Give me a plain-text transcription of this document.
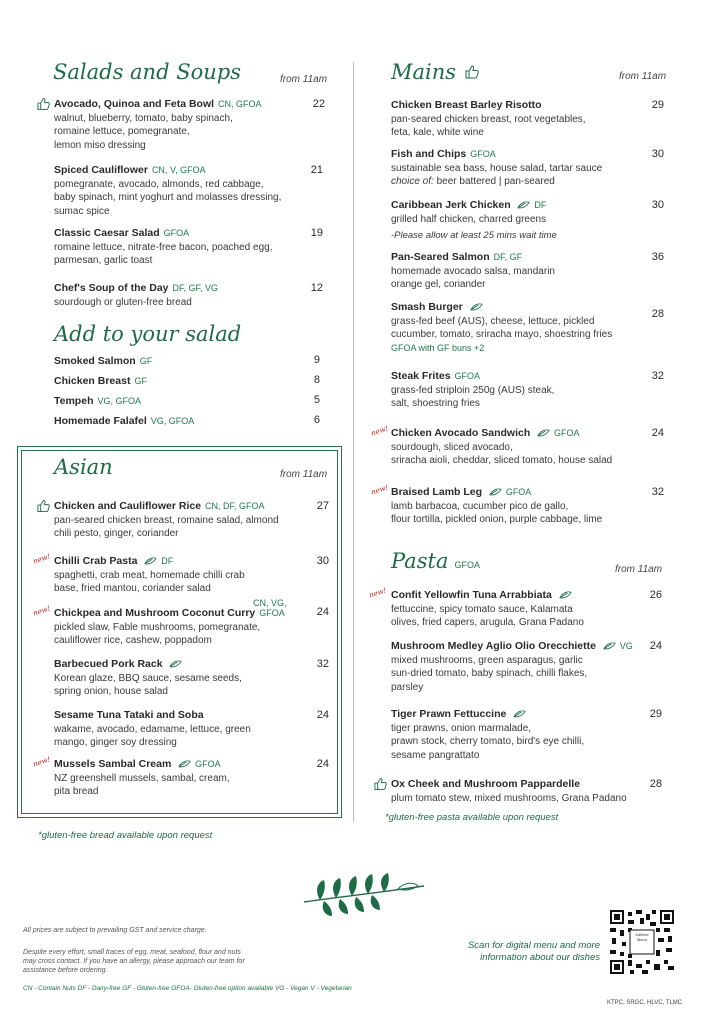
Salads and Soups	from 11am
Avocado, Quinoa and Feta Bowl CN, GFOA
walnut, blueberry, tomato, baby spinach,
romaine lettuce, pomegranate,
lemon miso dressing
22
Spiced Cauliflower CN, V, GFOA
pomegranate, avocado, almonds, red cabbage,
baby spinach, mint yoghurt and molasses dressing,
sumac spice
21
Classic Caesar Salad GFOA
romaine lettuce, nitrate-free bacon, poached egg,
parmesan, garlic toast
19
Chef's Soup of the Day DF, GF, VG
sourdough or gluten-free bread
12
Add to your salad
Smoked Salmon GF	9
Chicken Breast GF	8
Tempeh VG, GFOA	5
Homemade Falafel VG, GFOA	6
Asian	from 11am
Chicken and Cauliflower Rice CN, DF, GFOA
pan-seared chicken breast, romaine salad, almond
chili pesto, ginger, coriander
27
new! Chilli Crab Pasta	DF
spaghetti, crab meat, homemade chilli crab
base, fried mantou, coriander salad
30
new!
CN, VG,
Chickpea and Mushroom Coconut Curry GFOA
pickled slaw, Fable mushrooms, pomegranate,
cauliflower rice, cashew, poppadom
24
Barbecued Pork Rack
Korean glaze, BBQ sauce, sesame seeds,
spring onion, house salad
32
Sesame Tuna Tataki and Soba
wakame, avocado, edamame, lettuce, green
mango, ginger soy dressing
24
new! Mussels Sambal Cream	GFOA
NZ greenshell mussels, sambal, cream,
pita bread
24
*gluten-free bread available upon request
Mains	from 11am
Chicken Breast Barley Risotto
pan-seared chicken breast, root vegetables,
feta, kale, white wine
29
Fish and Chips GFOA
sustainable sea bass, house salad, tartar sauce
choice of: beer battered | pan-seared
30
Caribbean Jerk Chicken	DF
grilled half chicken, charred greens
-Please allow at least 25 mins wait time
30
Pan-Seared Salmon DF, GF
homemade avocado salsa, mandarin
orange gel, coriander
36
Smash Burger
grass-fed beef (AUS), cheese, lettuce, pickled
cucumber, tomato, sriracha mayo, shoestring fries
GFOA with GF buns +2
28
Steak Frites GFOA
grass-fed striploin 250g (AUS) steak,
salt, shoestring fries
32
new! Chicken Avocado Sandwich	GFOA
sourdough, sliced avocado,
sriracha aioli, cheddar, sliced tomato, house salad
24
new! Braised Lamb Leg	GFOA
lamb barbacoa, cucumber pico de gallo,
flour tortilla, pickled onion, purple cabbage, lime
32
Pasta GFOA	from 11am
new! Confit Yellowfin Tuna Arrabbiata
fettuccine, spicy tomato sauce, Kalamata
olives, fried capers, arugula, Grana Padano
26
Mushroom Medley Aglio Olio Orecchiette	VG
mixed mushrooms, green asparagus, garlic
sun-dried tomato, baby spinach, chilli flakes,
parsley
24
Tiger Prawn Fettuccine
tiger prawns, onion marmalade,
prawn stock, cherry tomato, bird's eye chilli,
sesame pangrattato
29
Ox Cheek and Mushroom Pappardelle
plum tomato stew, mixed mushrooms, Grana Padano
28
*gluten-free pasta available upon request
All prices are subject to prevailing GST and service charge.
Despite every effort, small traces of egg, meat, seafood, flour and nuts
may cross contact. If you have an allergy, please approach our team for
assistance before ordering.
CN - Contain Nuts DF - Dairy-free GF - Gluten-free GFOA- Gluten-free option available VG - Vegan V - Vegetarian
Scan for digital menu and more
information about our dishes
Jollibee
Menu
KTPC, SRGC, HLVC, TLMC
